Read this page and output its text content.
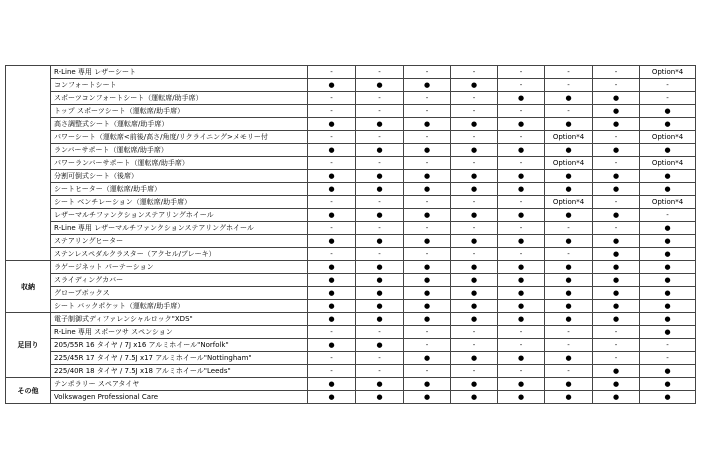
	R-Line 専用 レザーシート	-	-	-	-	-	-	-	Option*4
	コンフォートシート	●	●	●	●	-	-	-	-
	スポーツコンフォートシート（運転席/助手席）	-	-	-	-	●	●	●	-
	トップ スポーツシート（運転席/助手席）	-	-	-	-	-	-	●	●
	高さ調整式シート（運転席/助手席）	●	●	●	●	●	●	●	●
	パワーシート（運転席<前後/高さ/角度/リクライニング>メモリー付	-	-	-	-	-	Option*4	-	Option*4
	ランバーサポート（運転席/助手席）	●	●	●	●	●	●	●	●
	パワーランバーサポート（運転席/助手席）	-	-	-	-	-	Option*4	-	Option*4
	分割可倒式シート（後席）	●	●	●	●	●	●	●	●
	シートヒーター（運転席/助手席）	●	●	●	●	●	●	●	●
	シート ベンチレーション（運転席/助手席）	-	-	-	-	-	Option*4	-	Option*4
	レザーマルチファンクションステアリングホイール	●	●	●	●	●	●	●	-
	R-Line 専用 レザーマルチファンクションステアリングホイール	-	-	-	-	-	-	-	●
	ステアリングヒーター	●	●	●	●	●	●	●	●
	ステンレスペダルクラスター（アクセル/ブレーキ）	-	-	-	-	-	-	●	●
収納	ラゲージネット パーテーション	●	●	●	●	●	●	●	●
	スライディングカバー	●	●	●	●	●	●	●	●
	グローブボックス	●	●	●	●	●	●	●	●
	シート バックポケット（運転席/助手席）	●	●	●	●	●	●	●	●
足回り	電子制御式ディファレンシャルロック"XDS"	●	●	●	●	●	●	●	●
	R-Line 専用 スポーツサ スペンション	-	-	-	-	-	-	-	●
	205/55R 16 タイヤ / 7J x16 アルミホイール"Norfolk"	●	●	-	-	-	-	-	-
	225/45R 17 タイヤ / 7.5J x17 アルミホイール"Nottingham"	-	-	●	●	●	●	-	-
	225/40R 18 タイヤ / 7.5J x18 アルミホイール"Leeds"	-	-	-	-	-	-	●	●
その他	テンポラリー スペアタイヤ	●	●	●	●	●	●	●	●
	Volkswagen Professional Care	●	●	●	●	●	●	●	●
